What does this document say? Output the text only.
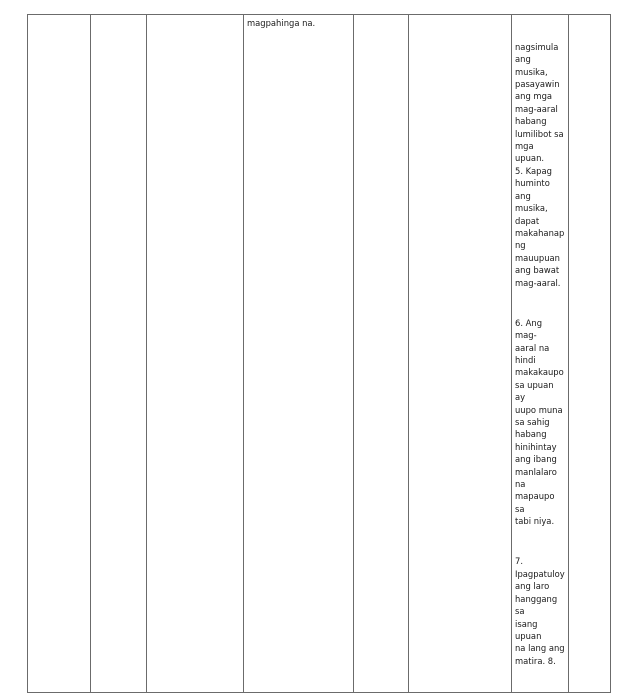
magpahinga na.

nagsimula
ang musika,
pasayawin
ang mga
mag-aaral
habang
lumilibot sa
mga upuan.
5. Kapag
huminto ang
musika,
dapat
makahanap
ng
mauupuan
ang bawat
mag-aaral.

6. Ang mag-
aaral na
hindi
makakaupo
sa upuan ay
uupo muna
sa sahig
habang
hinihintay
ang ibang
manlalaro na
mapaupo sa
tabi niya.

7.
Ipagpatuloy
ang laro
hanggang sa
isang upuan
na lang ang
matira. 8.
